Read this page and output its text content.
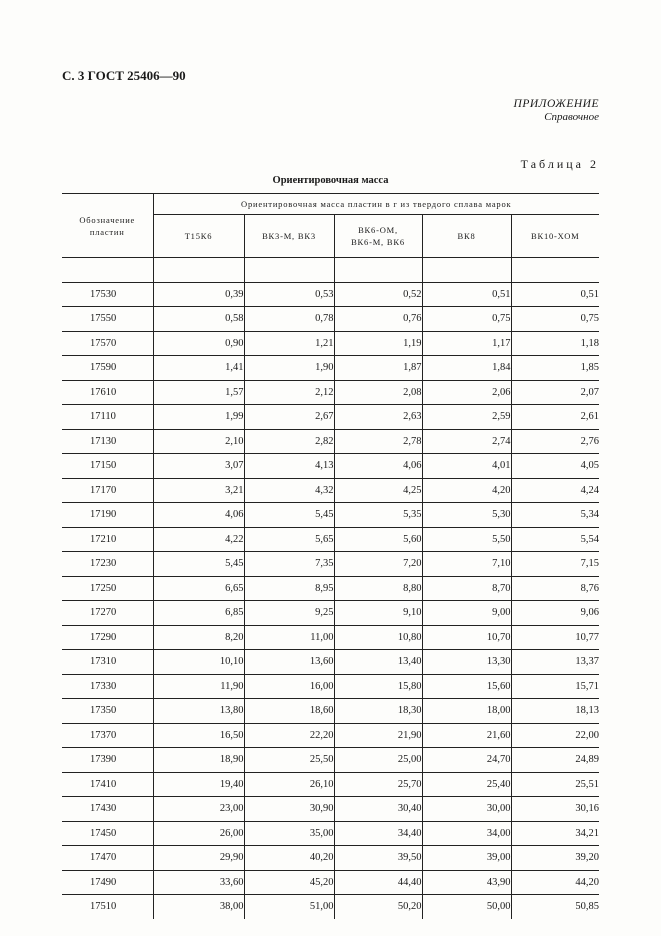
С. 3 ГОСТ 25406—90
ПРИЛОЖЕНИЕ
Справочное
Таблица 2
Ориентировочная масса
Обозначение пластин	Ориентировочная масса пластин в г из твердого сплава марок				
	Т15К6	ВК3-М, ВК3	ВК6-ОМ, ВК6-М, ВК6	ВК8	ВК10-ХОМ

17530	0,39	0,53	0,52	0,51	0,51
17550	0,58	0,78	0,76	0,75	0,75
17570	0,90	1,21	1,19	1,17	1,18
17590	1,41	1,90	1,87	1,84	1,85
17610	1,57	2,12	2,08	2,06	2,07
17110	1,99	2,67	2,63	2,59	2,61
17130	2,10	2,82	2,78	2,74	2,76
17150	3,07	4,13	4,06	4,01	4,05
17170	3,21	4,32	4,25	4,20	4,24
17190	4,06	5,45	5,35	5,30	5,34
17210	4,22	5,65	5,60	5,50	5,54
17230	5,45	7,35	7,20	7,10	7,15
17250	6,65	8,95	8,80	8,70	8,76
17270	6,85	9,25	9,10	9,00	9,06
17290	8,20	11,00	10,80	10,70	10,77
17310	10,10	13,60	13,40	13,30	13,37
17330	11,90	16,00	15,80	15,60	15,71
17350	13,80	18,60	18,30	18,00	18,13
17370	16,50	22,20	21,90	21,60	22,00
17390	18,90	25,50	25,00	24,70	24,89
17410	19,40	26,10	25,70	25,40	25,51
17430	23,00	30,90	30,40	30,00	30,16
17450	26,00	35,00	34,40	34,00	34,21
17470	29,90	40,20	39,50	39,00	39,20
17490	33,60	45,20	44,40	43,90	44,20
17510	38,00	51,00	50,20	50,00	50,85
